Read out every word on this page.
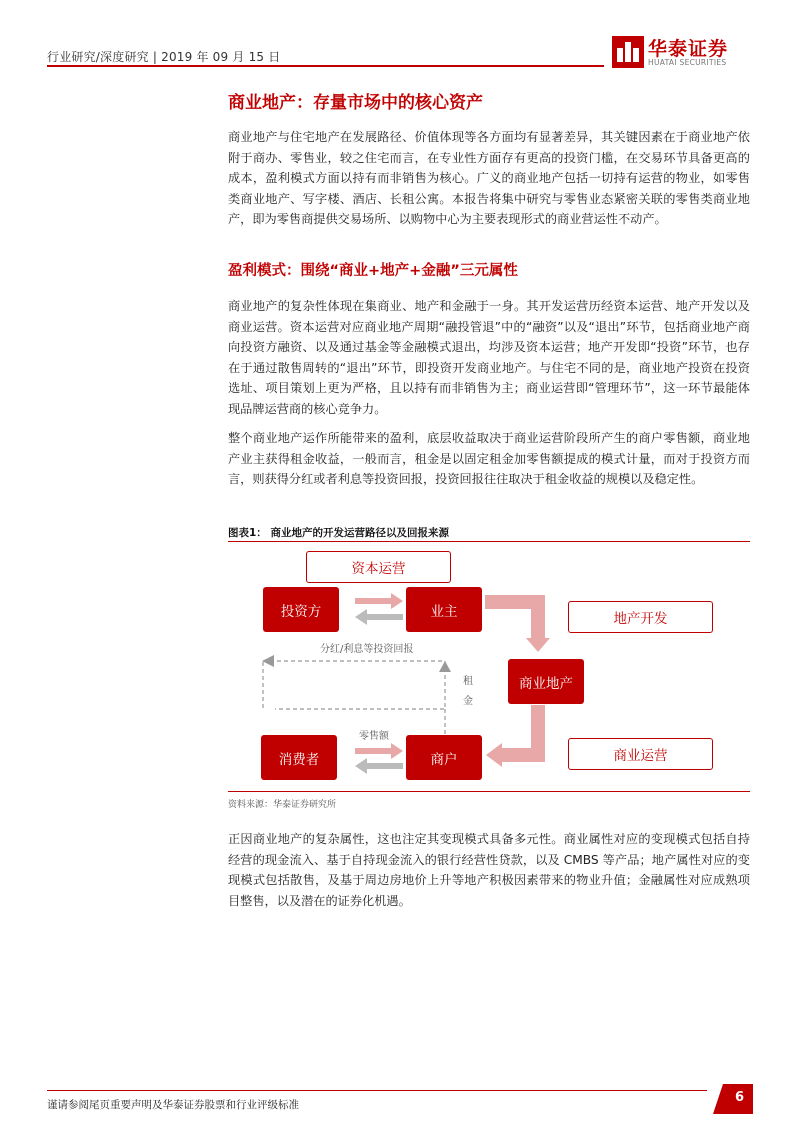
行业研究/深度研究 | 2019 年 09 月 15 日	华泰证券
HUATAI SECURITIES
商业地产：存量市场中的核心资产

商业地产与住宅地产在发展路径、价值体现等各方面均有显著差异，其关键因素在于商业地产依附于商办、零售业，较之住宅而言，在专业性方面存有更高的投资门槛，在交易环节具备更高的成本，盈利模式方面以持有而非销售为核心。广义的商业地产包括一切持有运营的物业，如零售类商业地产、写字楼、酒店、长租公寓。本报告将集中研究与零售业态紧密关联的零售类商业地产，即为零售商提供交易场所、以购物中心为主要表现形式的商业营运性不动产。

盈利模式：围绕“商业+地产+金融”三元属性

商业地产的复杂性体现在集商业、地产和金融于一身。其开发运营历经资本运营、地产开发以及商业运营。资本运营对应商业地产周期“融投管退”中的“融资”以及“退出”环节，包括商业地产商向投资方融资、以及通过基金等金融模式退出，均涉及资本运营；地产开发即“投资”环节，也存在于通过散售周转的“退出”环节，即投资开发商业地产。与住宅不同的是，商业地产投资在投资选址、项目策划上更为严格，且以持有而非销售为主；商业运营即“管理环节”，这一环节最能体现品牌运营商的核心竞争力。

整个商业地产运作所能带来的盈利，底层收益取决于商业运营阶段所产生的商户零售额，商业地产业主获得租金收益，一般而言，租金是以固定租金加零售额提成的模式计量，而对于投资方而言，则获得分红或者利息等投资回报，投资回报往往取决于租金收益的规模以及稳定性。

图表1： 商业地产的开发运营路径以及回报来源
资本运营
投资方	业主	地产开发
分红/利息等投资回报
租金
商业地产
零售额
消费者	商户	商业运营
资料来源：华泰证券研究所

正因商业地产的复杂属性，这也注定其变现模式具备多元性。商业属性对应的变现模式包括自持经营的现金流入、基于自持现金流入的银行经营性贷款，以及 CMBS 等产品；地产属性对应的变现模式包括散售，及基于周边房地价上升等地产积极因素带来的物业升值；金融属性对应成熟项目整售，以及潜在的证券化机遇。

谨请参阅尾页重要声明及华泰证券股票和行业评级标准	6
